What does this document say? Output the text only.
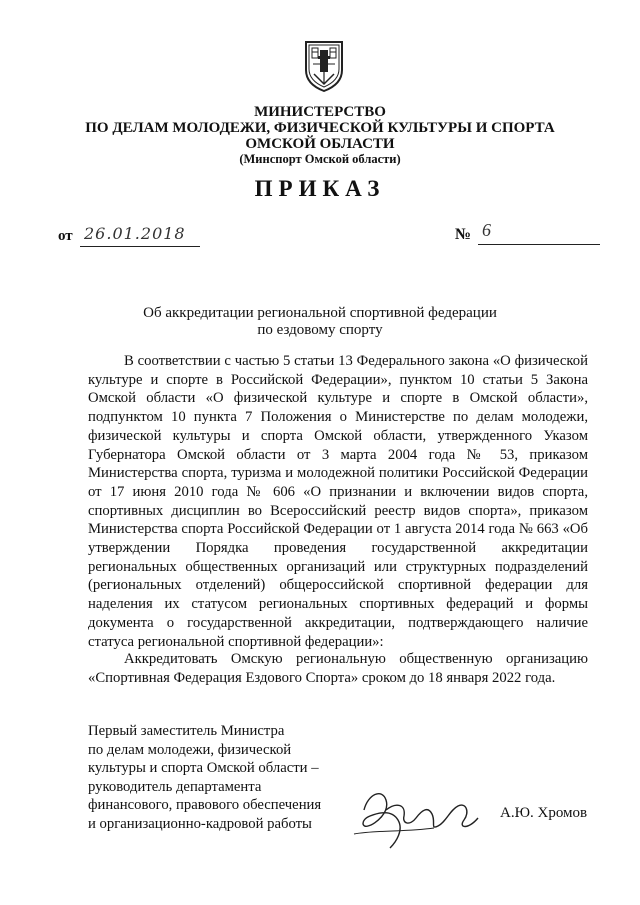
МИНИСТЕРСТВО
ПО ДЕЛАМ МОЛОДЕЖИ, ФИЗИЧЕСКОЙ КУЛЬТУРЫ И СПОРТА
ОМСКОЙ ОБЛАСТИ
(Минспорт Омской области)
ПРИКАЗ
от 26.01.2018	№ 6
Об аккредитации региональной спортивной федерации
по ездовому спорту
В соответствии с частью 5 статьи 13 Федерального закона «О физической культуре и спорте в Российской Федерации», пунктом 10 статьи 5 Закона Омской области «О физической культуре и спорте в Омской области», подпунктом 10 пункта 7 Положения о Министерстве по делам молодежи, физической культуры и спорта Омской области, утвержденного Указом Губернатора Омской области от 3 марта 2004 года № 53, приказом Министерства спорта, туризма и молодежной политики Российской Федерации от 17 июня 2010 года № 606 «О признании и включении видов спорта, спортивных дисциплин во Всероссийский реестр видов спорта», приказом Министерства спорта Российской Федерации от 1 августа 2014 года № 663 «Об утверждении Порядка проведения государственной аккредитации региональных общественных организаций или структурных подразделений (региональных отделений) общероссийской спортивной федерации для наделения их статусом региональных спортивных федераций и формы документа о государственной аккредитации, подтверждающего наличие статуса региональной спортивной федерации»:
Аккредитовать Омскую региональную общественную организацию «Спортивная Федерация Ездового Спорта» сроком до 18 января 2022 года.
Первый заместитель Министра
по делам молодежи, физической
культуры и спорта Омской области –
руководитель департамента
финансового, правового обеспечения
и организационно-кадровой работы
А.Ю. Хромов
